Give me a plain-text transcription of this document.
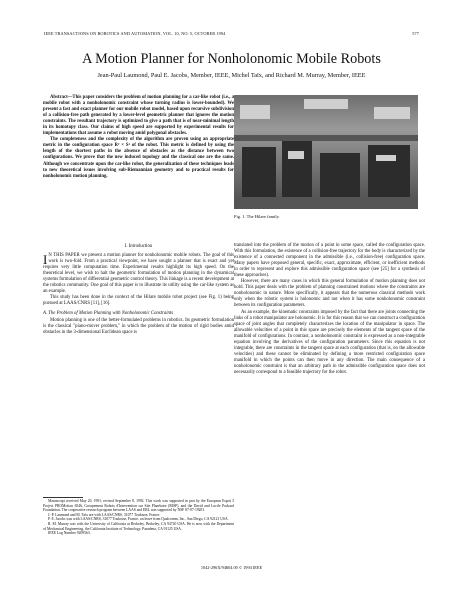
IEEE TRANSACTIONS ON ROBOTICS AND AUTOMATION, VOL. 10, NO. 5, OCTOBER 1994	577
A Motion Planner for Nonholonomic Mobile Robots
Jean-Paul Laumond, Paul E. Jacobs, Member, IEEE, Michel Taïx, and Richard M. Murray, Member, IEEE

Abstract—This paper considers the problem of motion planning for a car-like robot (i.e., a mobile robot with a nonholonomic constraint whose turning radius is lower-bounded). We present a fast and exact planner for our mobile robot model, based upon recursive subdivision of a collision-free path generated by a lower-level geometric planner that ignores the motion constraints. The resultant trajectory is optimized to give a path that is of near-minimal length in its homotopy class. Our claims of high speed are supported by experimental results for implementations that assume a robot moving amid polygonal obstacles.

The completeness and the complexity of the algorithm are proven using an appropriate metric in the configuration space R² × S¹ of the robot. This metric is defined by using the length of the shortest paths in the absence of obstacles as the distance between two configurations. We prove that the new induced topology and the classical one are the same. Although we concentrate upon the car-like robot, the generalization of these techniques leads to new theoretical issues involving sub-Riemannian geometry and to practical results for nonholonomic motion planning.

Fig. 1. The Hilare family.

I. Introduction

I N THIS PAPER we present a motion planner for nonholonomic mobile robots. The goal of this work is two-fold. From a practical viewpoint, we have sought a planner that is exact and yet requires very little computation time. Experimental results highlight its high speed. On the theoretical level, we wish to halt the geometric formulation of motion planning in the dynamical systems formulation of differential geometric control theory. This linkage is a recent development at the robotics community. One goal of this paper is to illustrate its utility using the car-like system as an example.

This study has been done in the context of the Hilare mobile robot project (see Fig. 1) being pursued at LAAS/CNRS [11], [16].

A. The Problem of Motion Planning with Nonholonomic Constraints

Motion planning is one of the better-formulated problems in robotics. Its geometric formulation is the classical "piano-mover problem," in which the problem of the motion of rigid bodies amid obstacles in the 3-dimensional Euclidean space is

Manuscript received May 20, 1991; revised September 8, 1992. This work was supported in part by the European Esprit 3 Project PROMotion 6546, Groupement Robots d'Intervention sur Site Planétaire (RISP), and the David and Lucile Packard Foundation. The cooperative research program between LAAS and ERL was supported by NSF 87-07-19281.

J.-P. Laumond and M. Taïx are with LAAS/CNRS, 31077 Toulouse, France.

P. E. Jacobs was with LAAS/CNRS, 31077 Toulouse, France, on leave from Qualcomm, Inc., San Diego, CA 92121 USA.

R. M. Murray was with the University of California at Berkeley, Berkeley, CA 94720 USA. He is now with the Department of Mechanical Engineering, the California Institute of Technology, Pasadena, CA 91125 USA.

IEEE Log Number 9209563.

translated into the problem of the motion of a point in some space, called the configuration space. With this formulation, the existence of a collision-free trajectory for the body is characterized by the existence of a connected component in the admissible (i.e., collision-free) configuration space. Many papers have proposed general, specific, exact, approximate, efficient, or inefficient methods in order to represent and explore this admissible configuration space (see [25] for a synthesis of these approaches).

However, there are many cases in which this general formulation of motion planning does not hold. This paper deals with the problem of planning constrained motions where the constraints are nonholonomic in nature. More specifically, it appears that the numerous classical methods work only when the robotic system is holonomic and not when it has some nonholonomic constraint between its configuration parameters.

As an example, the kinematic constraints imposed by the fact that there are joints connecting the links of a robot manipulator are holonomic. It is for this reason that we can construct a configuration space of joint angles that completely characterizes the location of the manipulator in space. The allowable velocities of a point in this space are precisely the elements of the tangent space of the manifold of configurations. In contrast, a nonholonomic constraint is expressed as a non-integrable equation involving the derivatives of the configuration parameters. Since this equation is not integrable, there are constraints in the tangent space at each configuration (that is, on the allowable velocities) and these cannot be eliminated by defining a more restricted configuration space manifold in which the points can then move in any direction. The main consequence of a nonholonomic constraint is that an arbitrary path in the admissible configuration space does not necessarily correspond to a feasible trajectory for the robot.

1042-296X/94$04.00 © 1994 IEEE
